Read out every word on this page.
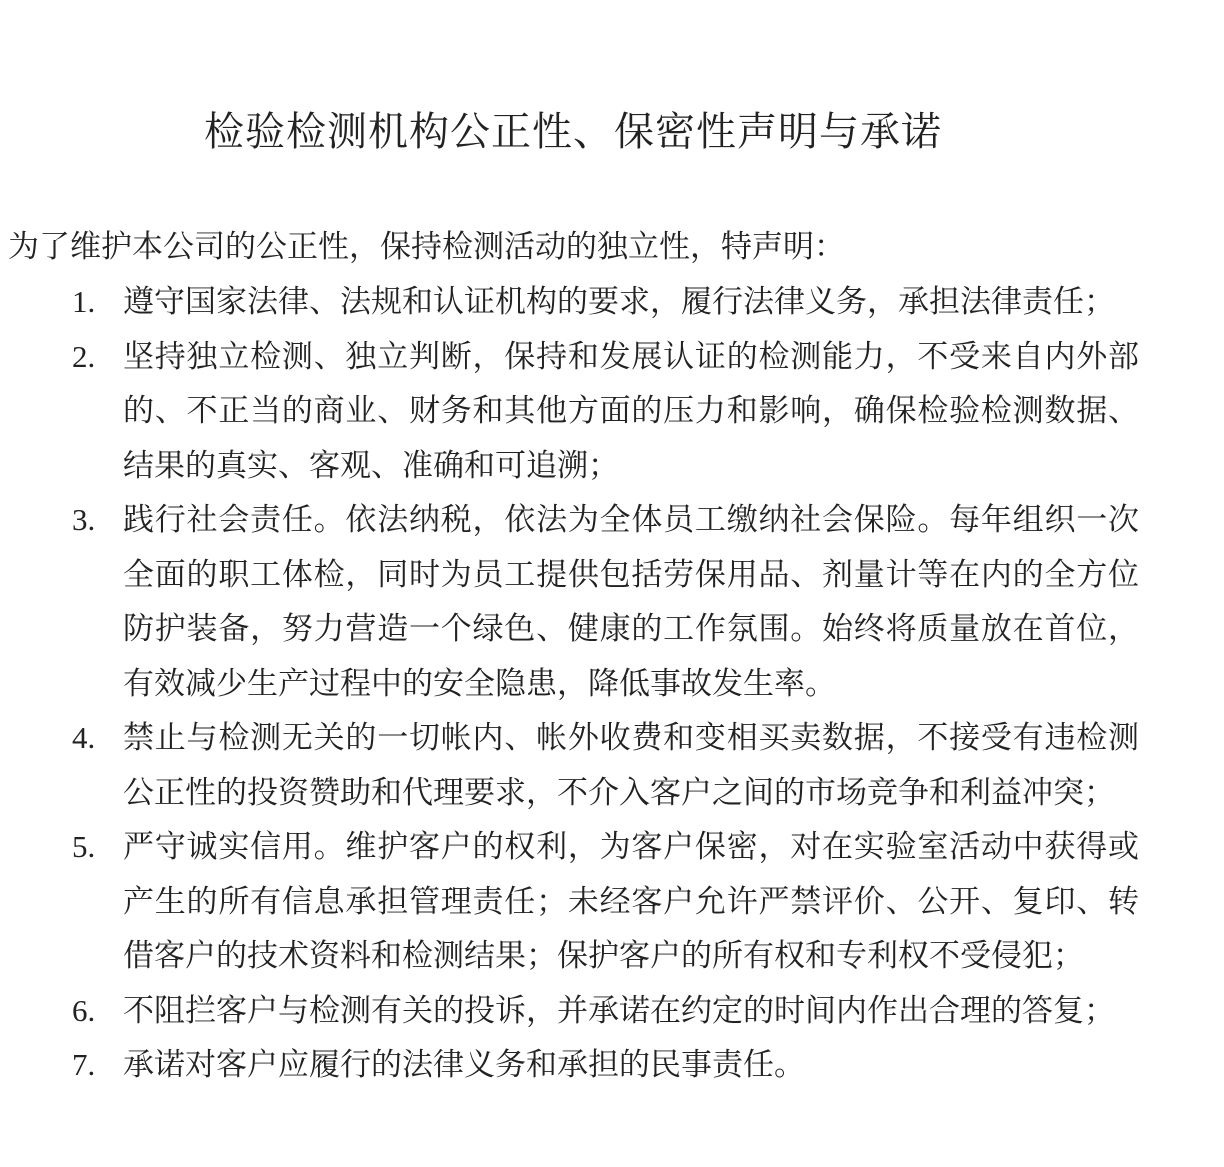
检验检测机构公正性、保密性声明与承诺
为了维护本公司的公正性，保持检测活动的独立性，特声明：
1. 遵守国家法律、法规和认证机构的要求，履行法律义务，承担法律责任；
2. 坚持独立检测、独立判断，保持和发展认证的检测能力，不受来自内外部的、不正当的商业、财务和其他方面的压力和影响，确保检验检测数据、结果的真实、客观、准确和可追溯；
3. 践行社会责任。依法纳税，依法为全体员工缴纳社会保险。每年组织一次全面的职工体检，同时为员工提供包括劳保用品、剂量计等在内的全方位防护装备，努力营造一个绿色、健康的工作氛围。始终将质量放在首位，有效减少生产过程中的安全隐患，降低事故发生率。
4. 禁止与检测无关的一切帐内、帐外收费和变相买卖数据，不接受有违检测公正性的投资赞助和代理要求，不介入客户之间的市场竞争和利益冲突；
5. 严守诚实信用。维护客户的权利，为客户保密，对在实验室活动中获得或产生的所有信息承担管理责任；未经客户允许严禁评价、公开、复印、转借客户的技术资料和检测结果；保护客户的所有权和专利权不受侵犯；
6. 不阻拦客户与检测有关的投诉，并承诺在约定的时间内作出合理的答复；
7. 承诺对客户应履行的法律义务和承担的民事责任。
